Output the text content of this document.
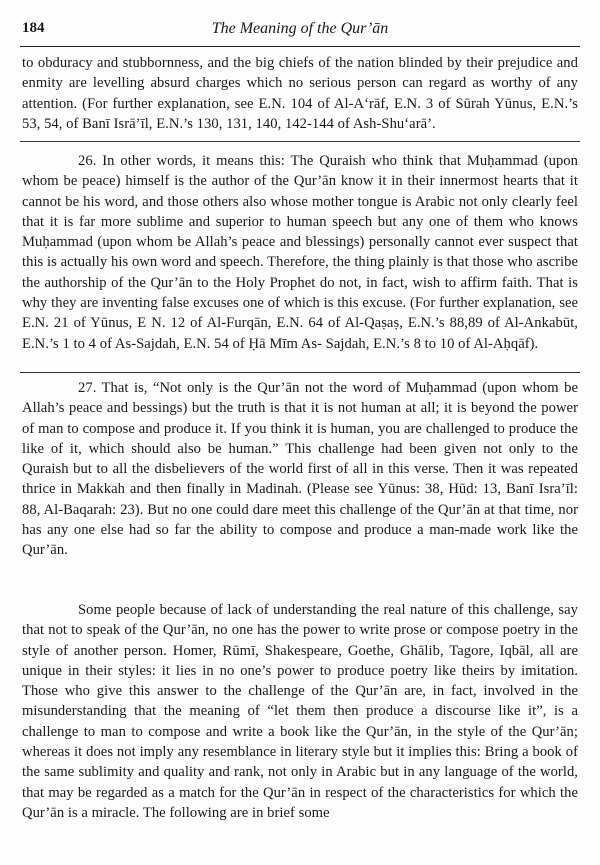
184	The Meaning of the Qur’ān

to obduracy and stubbornness, and the big chiefs of the nation blinded by their prejudice and enmity are levelling absurd charges which no serious person can regard as worthy of any attention. (For further explanation, see E.N. 104 of Al-A‘rāf, E.N. 3 of Sūrah Yūnus, E.N.’s 53, 54, of Banī Isrā’īl, E.N.’s 130, 131, 140, 142-144 of Ash-Shu‘arā’.

26. In other words, it means this: The Quraish who think that Muḥammad (upon whom be peace) himself is the author of the Qur’ān know it in their innermost hearts that it cannot be his word, and those others also whose mother tongue is Arabic not only clearly feel that it is far more sublime and superior to human speech but any one of them who knows Muḥammad (upon whom be Allah’s peace and blessings) personally cannot ever suspect that this is actually his own word and speech. Therefore, the thing plainly is that those who ascribe the authorship of the Qur’ān to the Holy Prophet do not, in fact, wish to affirm faith. That is why they are inventing false excuses one of which is this excuse. (For further explanation, see E.N. 21 of Yūnus, E N. 12 of Al-Furqān, E.N. 64 of Al-Qaṣaṣ, E.N.’s 88,89 of Al-Ankabūt, E.N.’s 1 to 4 of As-Sajdah, E.N. 54 of Ḥā Mīm As- Sajdah, E.N.’s 8 to 10 of Al-Aḥqāf).

27. That is, “Not only is the Qur’ān not the word of Muḥammad (upon whom be Allah’s peace and bessings) but the truth is that it is not human at all; it is beyond the power of man to compose and produce it. If you think it is human, you are challenged to produce the like of it, which should also be human.” This challenge had been given not only to the Quraish but to all the disbelievers of the world first of all in this verse. Then it was repeated thrice in Makkah and then finally in Madinah. (Please see Yūnus: 38, Hūd: 13, Banī Isra’īl: 88, Al-Baqarah: 23). But no one could dare meet this challenge of the Qur’ān at that time, nor has any one else had so far the ability to compose and produce a man-made work like the Qur’ān.

Some people because of lack of understanding the real nature of this challenge, say that not to speak of the Qur’ān, no one has the power to write prose or compose poetry in the style of another person. Homer, Rūmī, Shakespeare, Goethe, Ghālib, Tagore, Iqbāl, all are unique in their styles: it lies in no one’s power to produce poetry like theirs by imitation. Those who give this answer to the challenge of the Qur’ān are, in fact, involved in the misunderstanding that the meaning of “let them then produce a discourse like it”, is a challenge to man to compose and write a book like the Qur’ān, in the style of the Qur’ān; whereas it does not imply any resemblance in literary style but it implies this: Bring a book of the same sublimity and quality and rank, not only in Arabic but in any language of the world, that may be regarded as a match for the Qur’ān in respect of the characteristics for which the Qur’ān is a miracle. The following are in brief some
